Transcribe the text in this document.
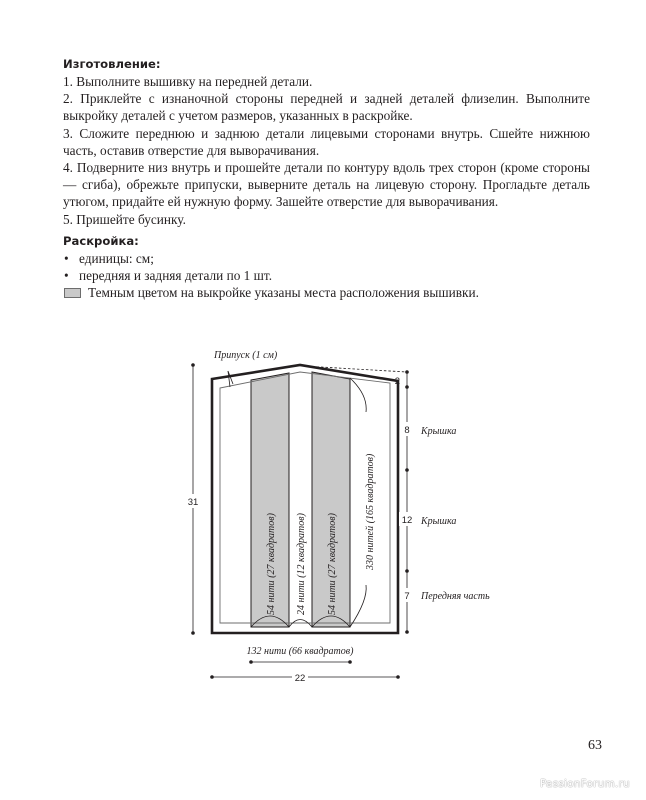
Изготовление:
1. Выполните вышивку на передней детали.
2. Приклейте с изнаночной стороны передней и задней деталей флизелин. Выполните выкройку деталей с учетом размеров, указанных в раскройке.
3. Сложите переднюю и заднюю детали лицевыми сторонами внутрь. Сшейте нижнюю часть, оставив отверстие для выворачивания.
4. Подверните низ внутрь и прошейте детали по контуру вдоль трех сторон (кроме стороны — сгиба), обрежьте припуски, выверните деталь на лицевую сторону. Прогладьте деталь утюгом, придайте ей нужную форму. Зашейте отверстие для выворачивания.
5. Пришейте бусинку.
Раскройка:
• единицы: см;
• передняя и задняя детали по 1 шт.
Темным цветом на выкройке указаны места расположения вышивки.
Припуск (1 см)
54 нити (27 квадратов) 24 нити (12 квадратов) 54 нити (27 квадратов)	330 нитей (165 квадратов)
31
2
8 Крышка
12 Крышка
7 Передняя часть
132 нити (66 квадратов)
22
63
PassionForum.ru
